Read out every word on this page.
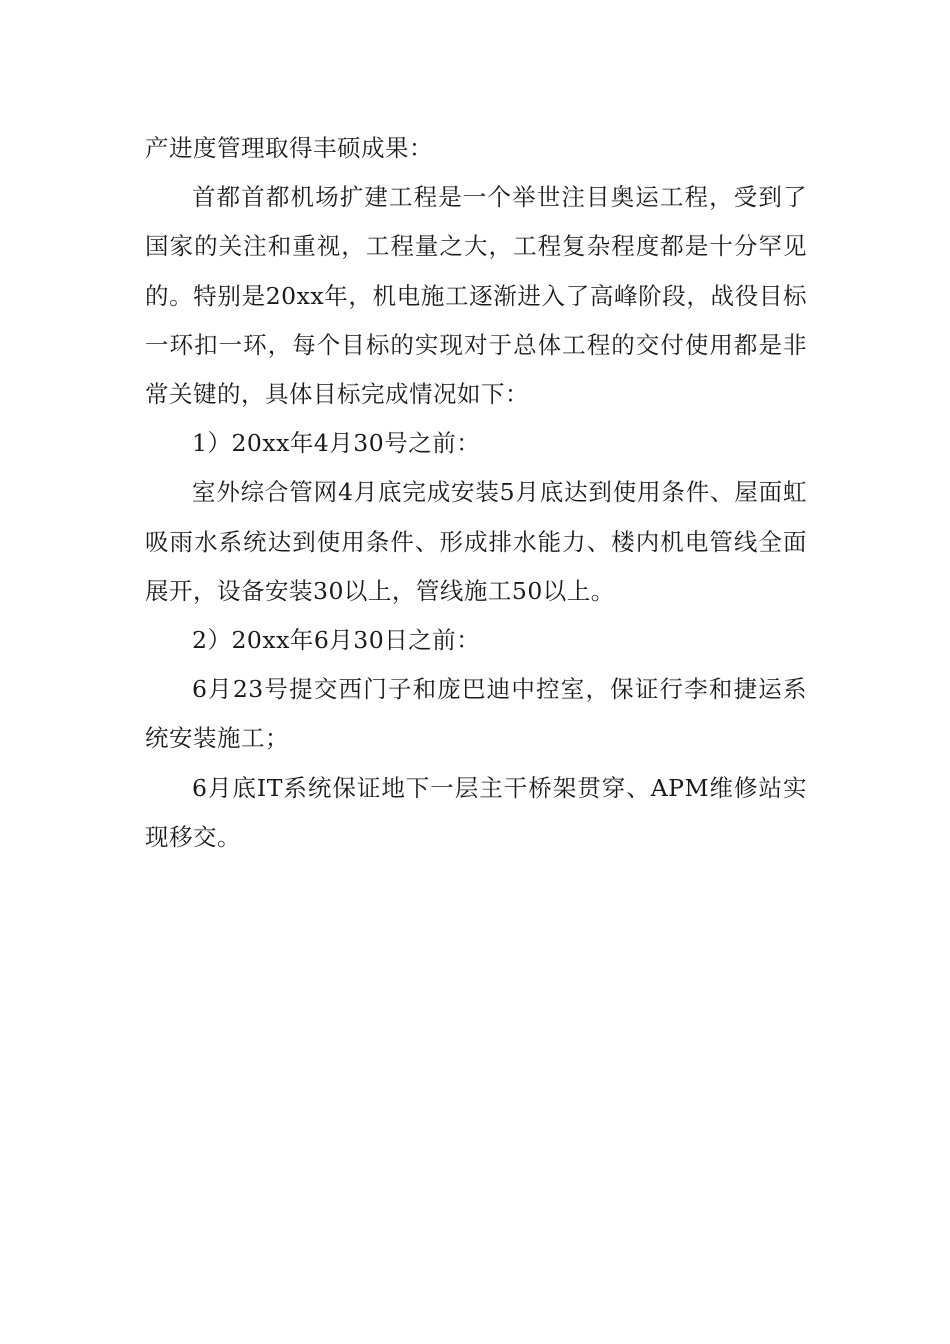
产进度管理取得丰硕成果：

首都首都机场扩建工程是一个举世注目奥运工程，受到了国家的关注和重视，工程量之大，工程复杂程度都是十分罕见的。特别是20xx年，机电施工逐渐进入了高峰阶段，战役目标一环扣一环，每个目标的实现对于总体工程的交付使用都是非常关键的，具体目标完成情况如下：

1）20xx年4月30号之前：

室外综合管网4月底完成安装5月底达到使用条件、屋面虹吸雨水系统达到使用条件、形成排水能力、楼内机电管线全面展开，设备安装30以上，管线施工50以上。

2）20xx年6月30日之前：

6月23号提交西门子和庞巴迪中控室，保证行李和捷运系统安装施工；

6月底IT系统保证地下一层主干桥架贯穿、APM维修站实现移交。
